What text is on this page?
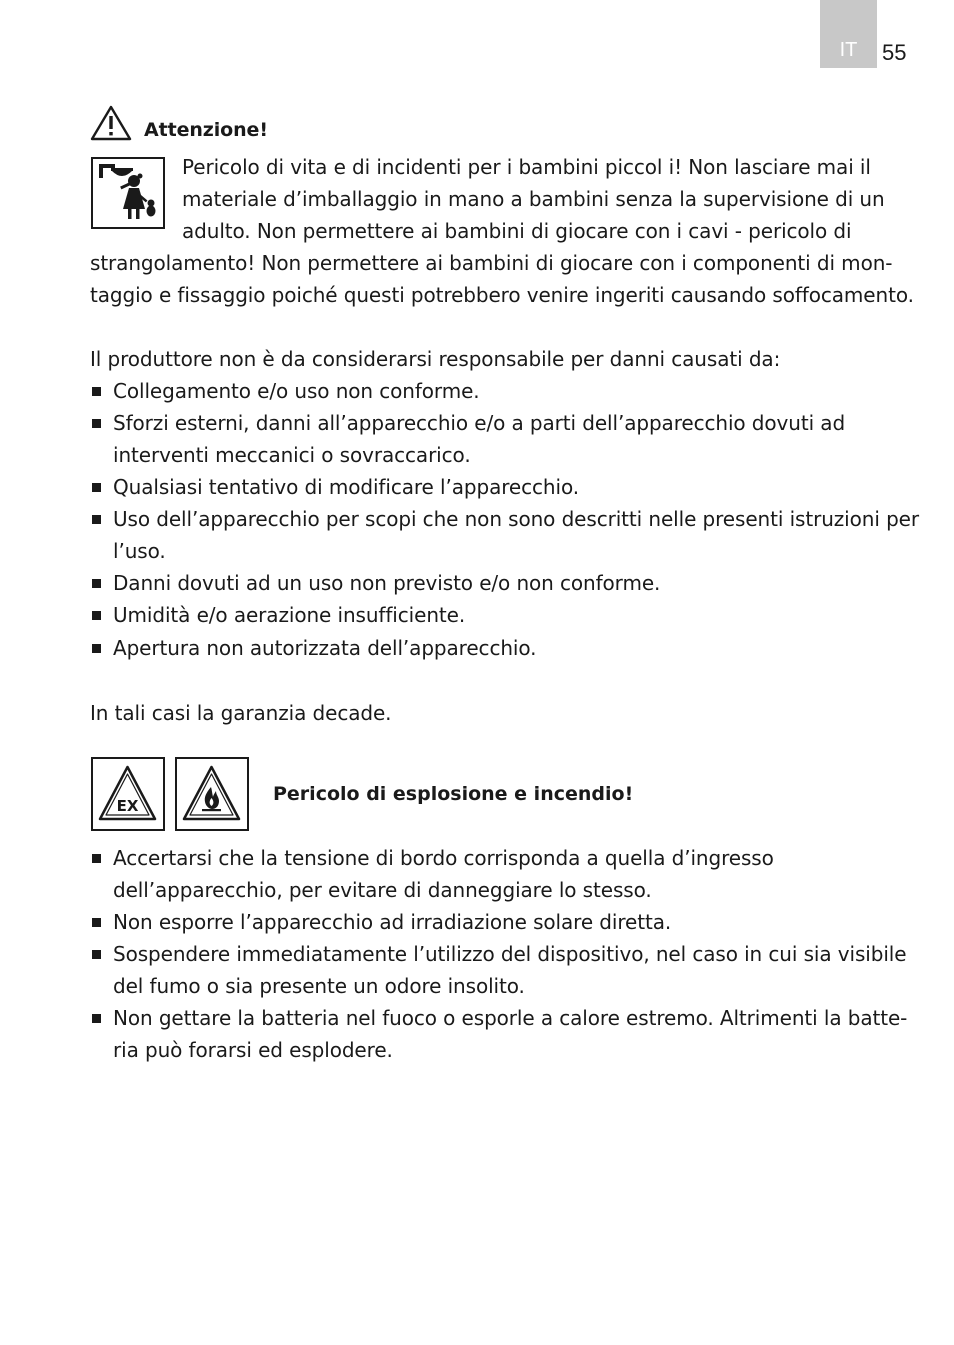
IT	55
Attenzione!
Pericolo di vita e di incidenti per i bambini piccol i! Non lasciare mai il
materiale d’imballaggio in mano a bambini senza la supervisione di un
adulto. Non permettere ai bambini di giocare con i cavi - pericolo di
strangolamento! Non permettere ai bambini di giocare con i componenti di mon-
taggio e fissaggio poiché questi potrebbero venire ingeriti causando soffocamento.
Il produttore non è da considerarsi responsabile per danni causati da:
Collegamento e/o uso non conforme.
Sforzi esterni, danni all’apparecchio e/o a parti dell’apparecchio dovuti ad
interventi meccanici o sovraccarico.
Qualsiasi tentativo di modificare l’apparecchio.
Uso dell’apparecchio per scopi che non sono descritti nelle presenti istruzioni per
l’uso.
Danni dovuti ad un uso non previsto e/o non conforme.
Umidità e/o aerazione insufficiente.
Apertura non autorizzata dell’apparecchio.
In tali casi la garanzia decade.
EX
Pericolo di esplosione e incendio!
Accertarsi che la tensione di bordo corrisponda a quella d’ingresso
dell’apparecchio, per evitare di danneggiare lo stesso.
Non esporre l’apparecchio ad irradiazione solare diretta.
Sospendere immediatamente l’utilizzo del dispositivo, nel caso in cui sia visibile
del fumo o sia presente un odore insolito.
Non gettare la batteria nel fuoco o esporle a calore estremo. Altrimenti la batte-
ria può forarsi ed esplodere.
